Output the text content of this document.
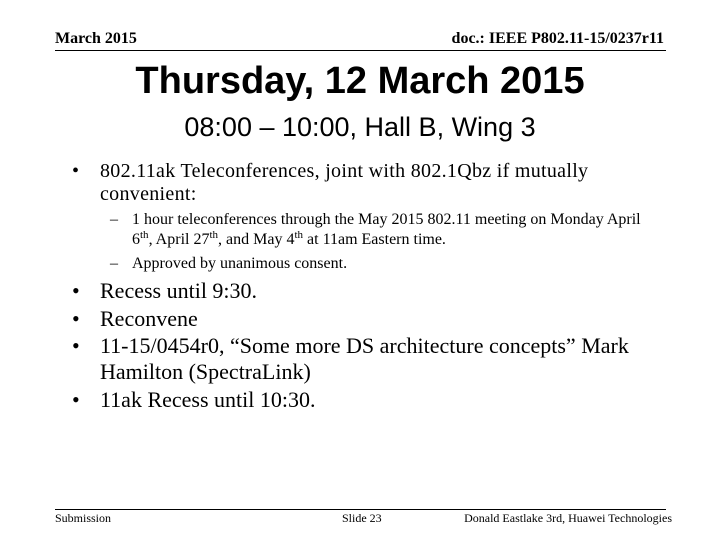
March 2015	doc.: IEEE P802.11-15/0237r11
Thursday, 12 March 2015
08:00 – 10:00, Hall B, Wing 3
• 802.11ak Teleconferences, joint with 802.1Qbz if mutually convenient:
– 1 hour teleconferences through the May 2015 802.11 meeting on Monday April 6th, April 27th, and May 4th at 11am Eastern time.
– Approved by unanimous consent.
• Recess until 9:30.
• Reconvene
• 11-15/0454r0, “Some more DS architecture concepts” Mark Hamilton (SpectraLink)
• 11ak Recess until 10:30.
Submission	Slide 23	Donald Eastlake 3rd, Huawei Technologies
